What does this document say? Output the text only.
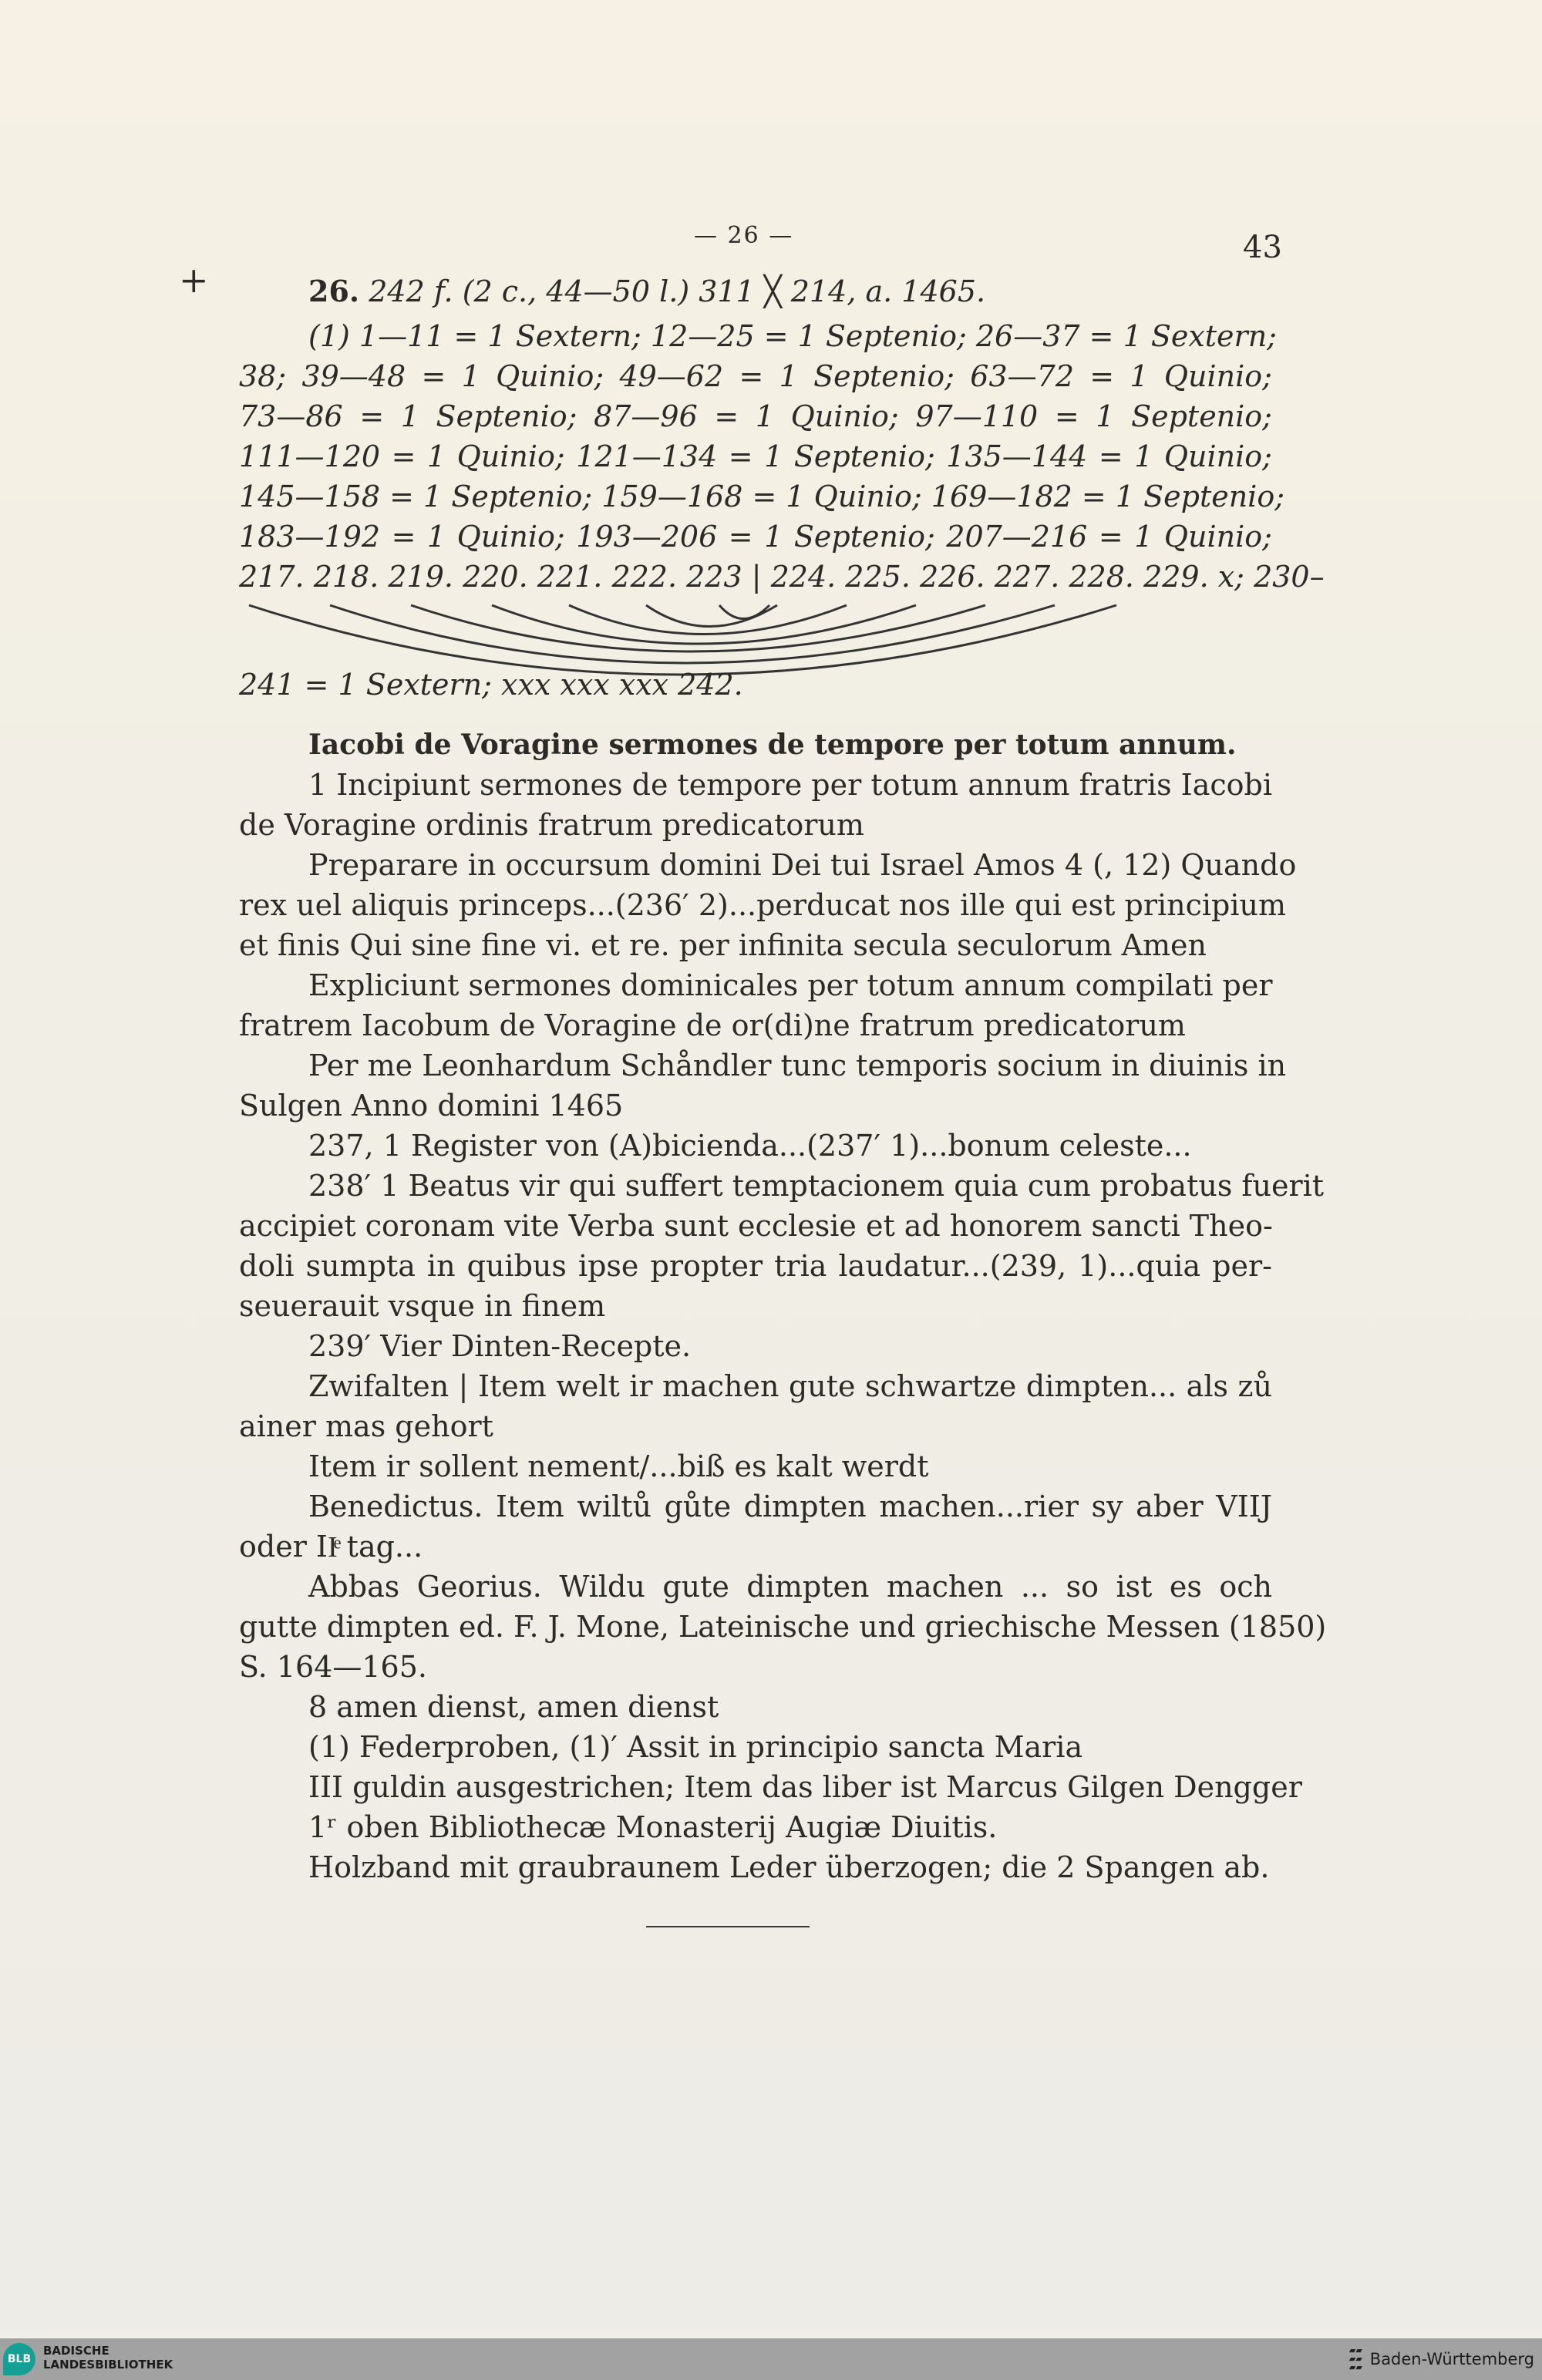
— 26 —	43
+	26. 242 f. (2 c., 44—50 l.) 311 ╳ 214, a. 1465.
(1) 1—11 = 1 Sextern; 12—25 = 1 Septenio; 26—37 = 1 Sextern;
38; 39—48 = 1 Quinio; 49—62 = 1 Septenio; 63—72 = 1 Quinio;
73—86 = 1 Septenio; 87—96 = 1 Quinio; 97—110 = 1 Septenio;
111—120 = 1 Quinio; 121—134 = 1 Septenio; 135—144 = 1 Quinio;
145—158 = 1 Septenio; 159—168 = 1 Quinio; 169—182 = 1 Septenio;
183—192 = 1 Quinio; 193—206 = 1 Septenio; 207—216 = 1 Quinio;
217. 218. 219. 220. 221. 222. 223 | 224. 225. 226. 227. 228. 229. x; 230–
241 = 1 Sextern; xxx xxx xxx 242.
Iacobi de Voragine sermones de tempore per totum annum.
1 Incipiunt sermones de tempore per totum annum fratris Iacobi
de Voragine ordinis fratrum predicatorum
Preparare in occursum domini Dei tui Israel Amos 4 (, 12) Quando
rex uel aliquis princeps...(236′ 2)...perducat nos ille qui est principium
et finis Qui sine fine vi. et re. per infinita secula seculorum Amen
Expliciunt sermones dominicales per totum annum compilati per
fratrem Iacobum de Voragine de or(di)ne fratrum predicatorum
Per me Leonhardum Schåndler tunc temporis socium in diuinis in
Sulgen Anno domini 1465
237, 1 Register von (A)bicienda...(237′ 1)...bonum celeste...
238′ 1 Beatus vir qui suffert temptacionem quia cum probatus fuerit
accipiet coronam vite Verba sunt ecclesie et ad honorem sancti Theo-
doli sumpta in quibus ipse propter tria laudatur...(239, 1)...quia per-
seuerauit vsque in finem
239′ Vier Dinten-Recepte.
Zwifalten | Item welt ir machen gute schwartze dimpten... als zů
ainer mas gehort
Item ir sollent nement/...biß es kalt werdt
Benedictus. Item wiltů gůte dimpten machen...rier sy aber VIIJ
oder IIͤ tag...
Abbas Georius. Wildu gute dimpten machen ... so ist es och
gutte dimpten ed. F. J. Mone, Lateinische und griechische Messen (1850)
S. 164—165.
8 amen dienst, amen dienst
(1) Federproben, (1)′ Assit in principio sancta Maria
III guldin ausgestrichen; Item das liber ist Marcus Gilgen Dengger
1ʳ oben Bibliothecæ Monasterij Augiæ Diuitis.
Holzband mit graubraunem Leder überzogen; die 2 Spangen ab.
BLB
BADISCHE
LANDESBIBLIOTHEK
▰▰
▰▰
▰▰ Baden-Württemberg
